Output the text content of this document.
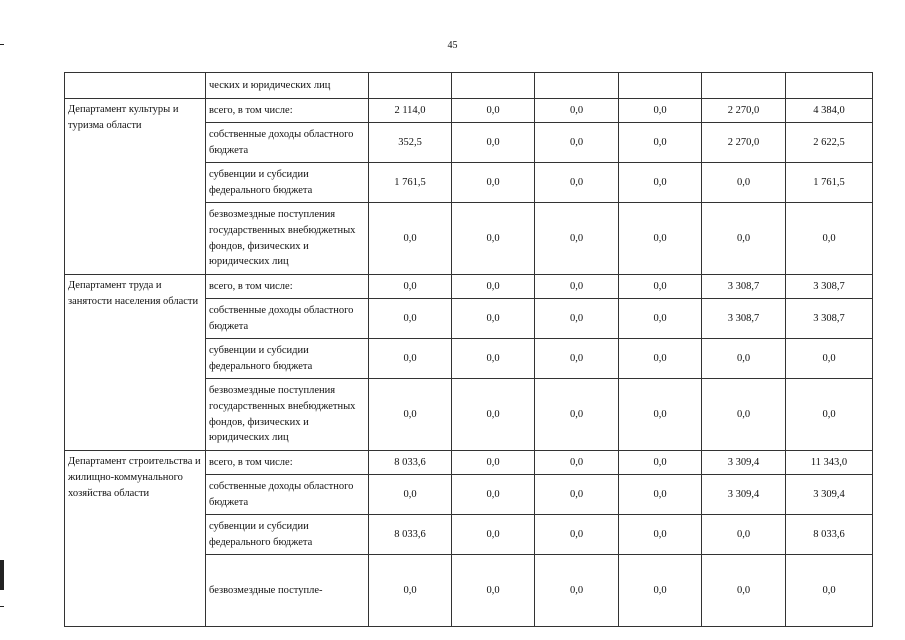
45
	ческих и юридических лиц						
Департамент культуры и туризма области	всего, в том числе:	2 114,0	0,0	0,0	0,0	2 270,0	4 384,0
	собственные доходы областного бюджета	352,5	0,0	0,0	0,0	2 270,0	2 622,5
	субвенции и субсидии федерального бюджета	1 761,5	0,0	0,0	0,0	0,0	1 761,5
	безвозмездные поступления государственных внебюджетных фондов, физических и юридических лиц	0,0	0,0	0,0	0,0	0,0	0,0
Департамент труда и занятости населения области	всего, в том числе:	0,0	0,0	0,0	0,0	3 308,7	3 308,7
	собственные доходы областного бюджета	0,0	0,0	0,0	0,0	3 308,7	3 308,7
	субвенции и субсидии федерального бюджета	0,0	0,0	0,0	0,0	0,0	0,0
	безвозмездные поступления государственных внебюджетных фондов, физических и юридических лиц	0,0	0,0	0,0	0,0	0,0	0,0
Департамент строительства и жилищно-коммунального хозяйства области	всего, в том числе:	8 033,6	0,0	0,0	0,0	3 309,4	11 343,0
	собственные доходы областного бюджета	0,0	0,0	0,0	0,0	3 309,4	3 309,4
	субвенции и субсидии федерального бюджета	8 033,6	0,0	0,0	0,0	0,0	8 033,6
	безвозмездные поступле-	0,0	0,0	0,0	0,0	0,0	0,0
